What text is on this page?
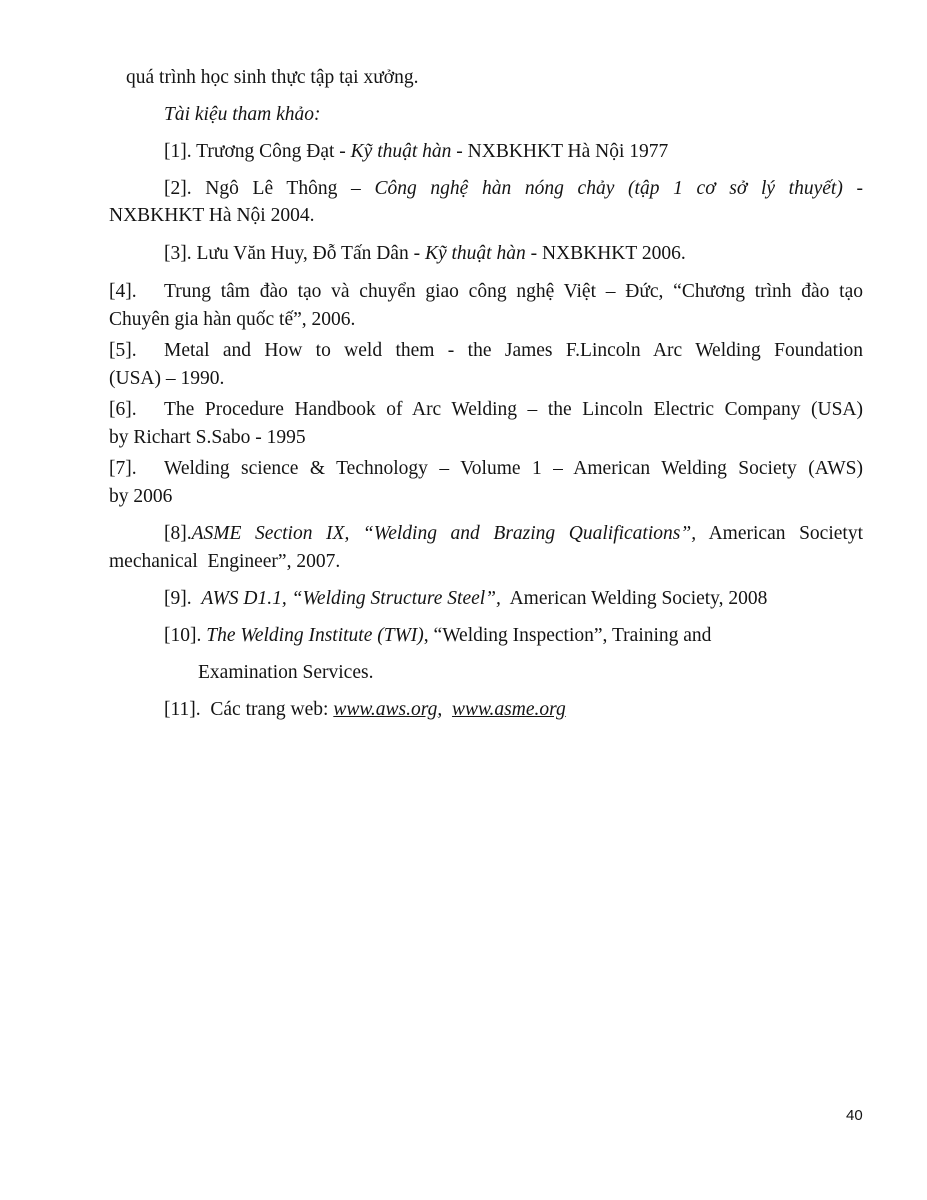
quá trình học sinh thực tập tại xưởng.
Tài kiệu tham khảo:
[1]. Trương Công Đạt - Kỹ thuật hàn - NXBKHKT Hà Nội 1977
[2]. Ngô Lê Thông – Công nghệ hàn nóng chảy (tập 1 cơ sở lý thuyết) -
NXBKHKT Hà Nội 2004.
[3]. Lưu Văn Huy, Đỗ Tấn Dân - Kỹ thuật hàn - NXBKHKT 2006.
[4]. Trung tâm đào tạo và chuyển giao công nghệ Việt – Đức, “Chương trình đào tạo
Chuyên gia hàn quốc tế”, 2006.
[5]. Metal and How to weld them - the James F.Lincoln Arc Welding Foundation
(USA) – 1990.
[6]. The Procedure Handbook of Arc Welding – the Lincoln Electric Company (USA)
by Richart S.Sabo - 1995
[7]. Welding science & Technology – Volume 1 – American Welding Society (AWS)
by 2006
[8].ASME Section IX, “Welding and Brazing Qualifications”, American Societyt
mechanical  Engineer”, 2007.
[9]. AWS D1.1, “Welding Structure Steel”,  American Welding Society, 2008
[10]. The Welding Institute (TWI), “Welding Inspection”, Training and
Examination Services.
[11]. Các trang web: www.aws.org,  www.asme.org
40
